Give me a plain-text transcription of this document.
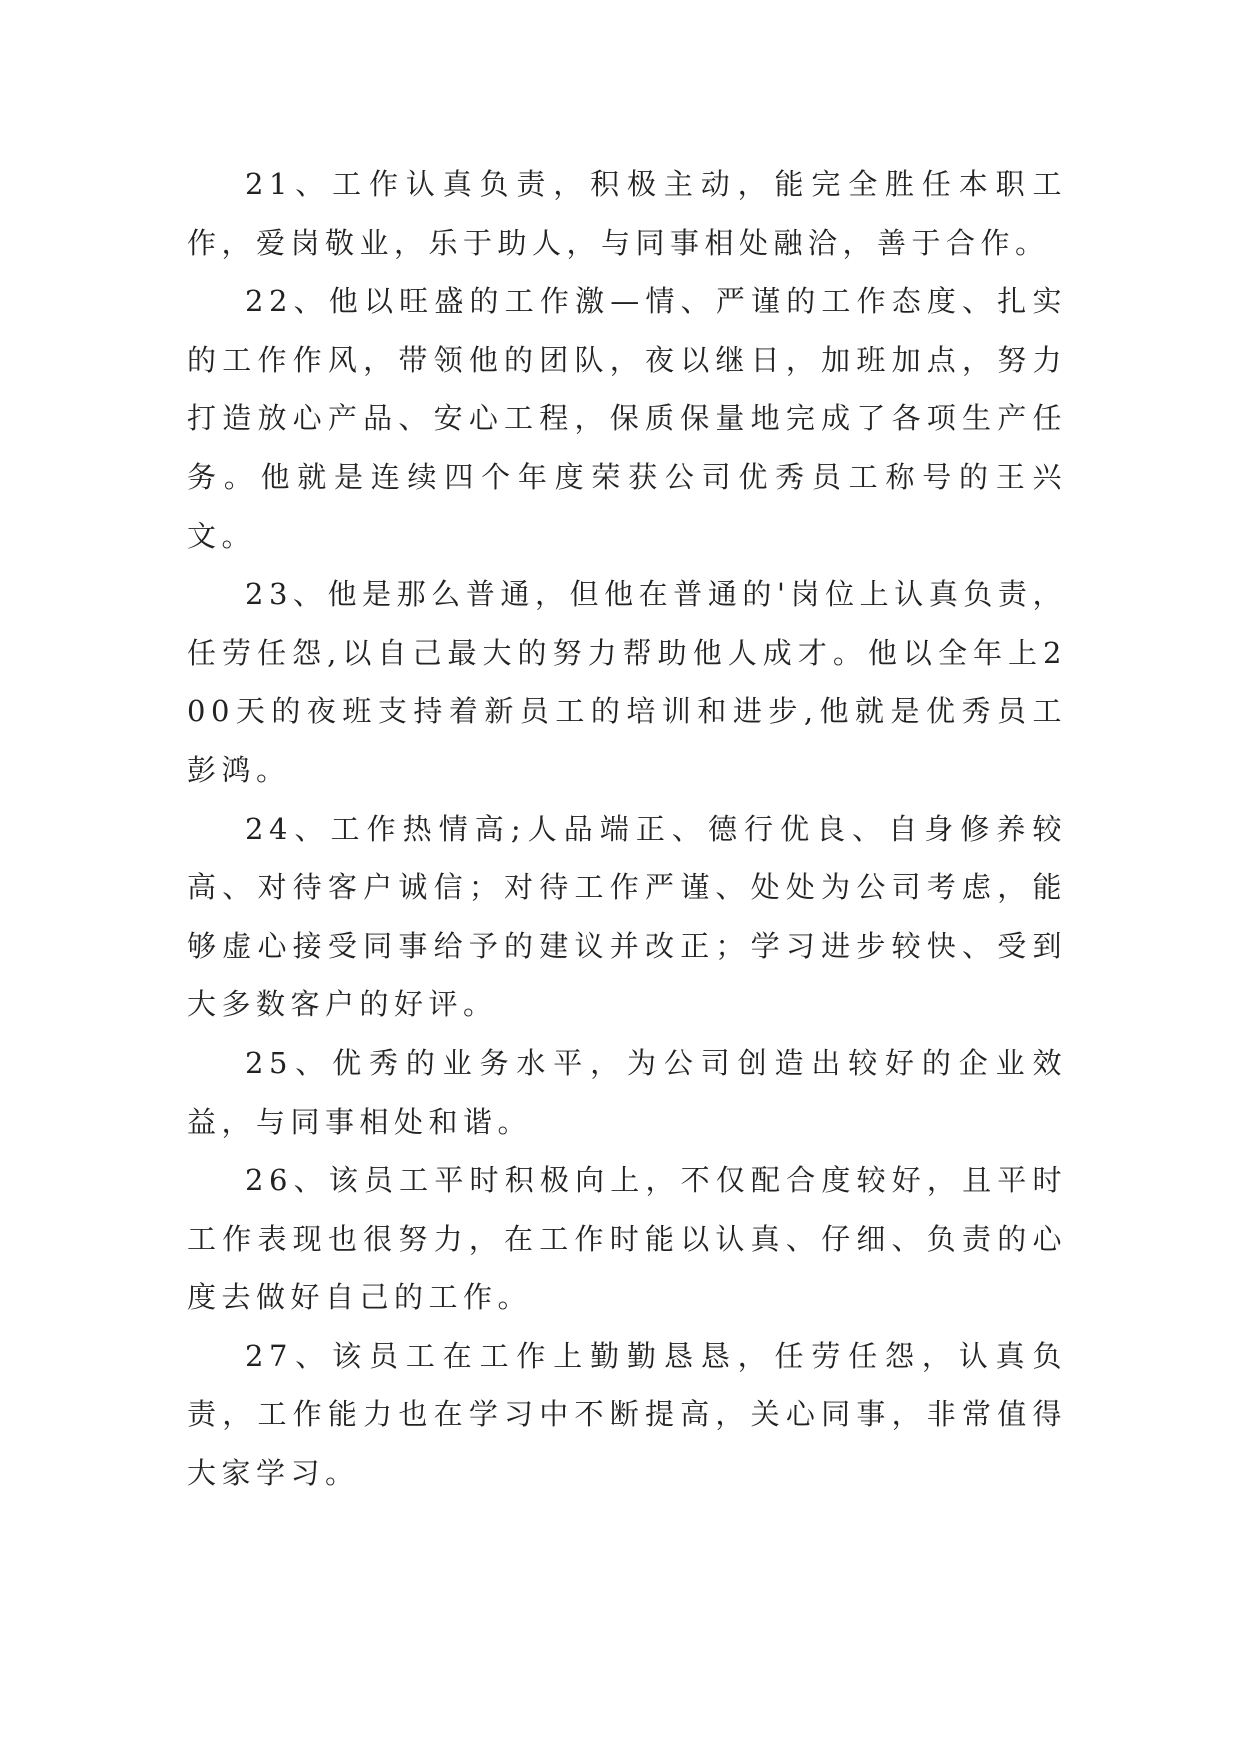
21、工作认真负责，积极主动，能完全胜任本职工作，爱岗敬业，乐于助人，与同事相处融洽，善于合作。

22、他以旺盛的工作激—情、严谨的工作态度、扎实的工作作风，带领他的团队，夜以继日，加班加点，努力打造放心产品、安心工程，保质保量地完成了各项生产任务。他就是连续四个年度荣获公司优秀员工称号的王兴文。

23、他是那么普通，但他在普通的'岗位上认真负责，任劳任怨,以自己最大的努力帮助他人成才。他以全年上200天的夜班支持着新员工的培训和进步,他就是优秀员工彭鸿。

24、工作热情高;人品端正、德行优良、自身修养较高、对待客户诚信；对待工作严谨、处处为公司考虑，能够虚心接受同事给予的建议并改正；学习进步较快、受到大多数客户的好评。

25、优秀的业务水平，为公司创造出较好的企业效益，与同事相处和谐。

26、该员工平时积极向上，不仅配合度较好，且平时工作表现也很努力，在工作时能以认真、仔细、负责的心度去做好自己的工作。

27、该员工在工作上勤勤恳恳，任劳任怨，认真负责，工作能力也在学习中不断提高，关心同事，非常值得大家学习。
